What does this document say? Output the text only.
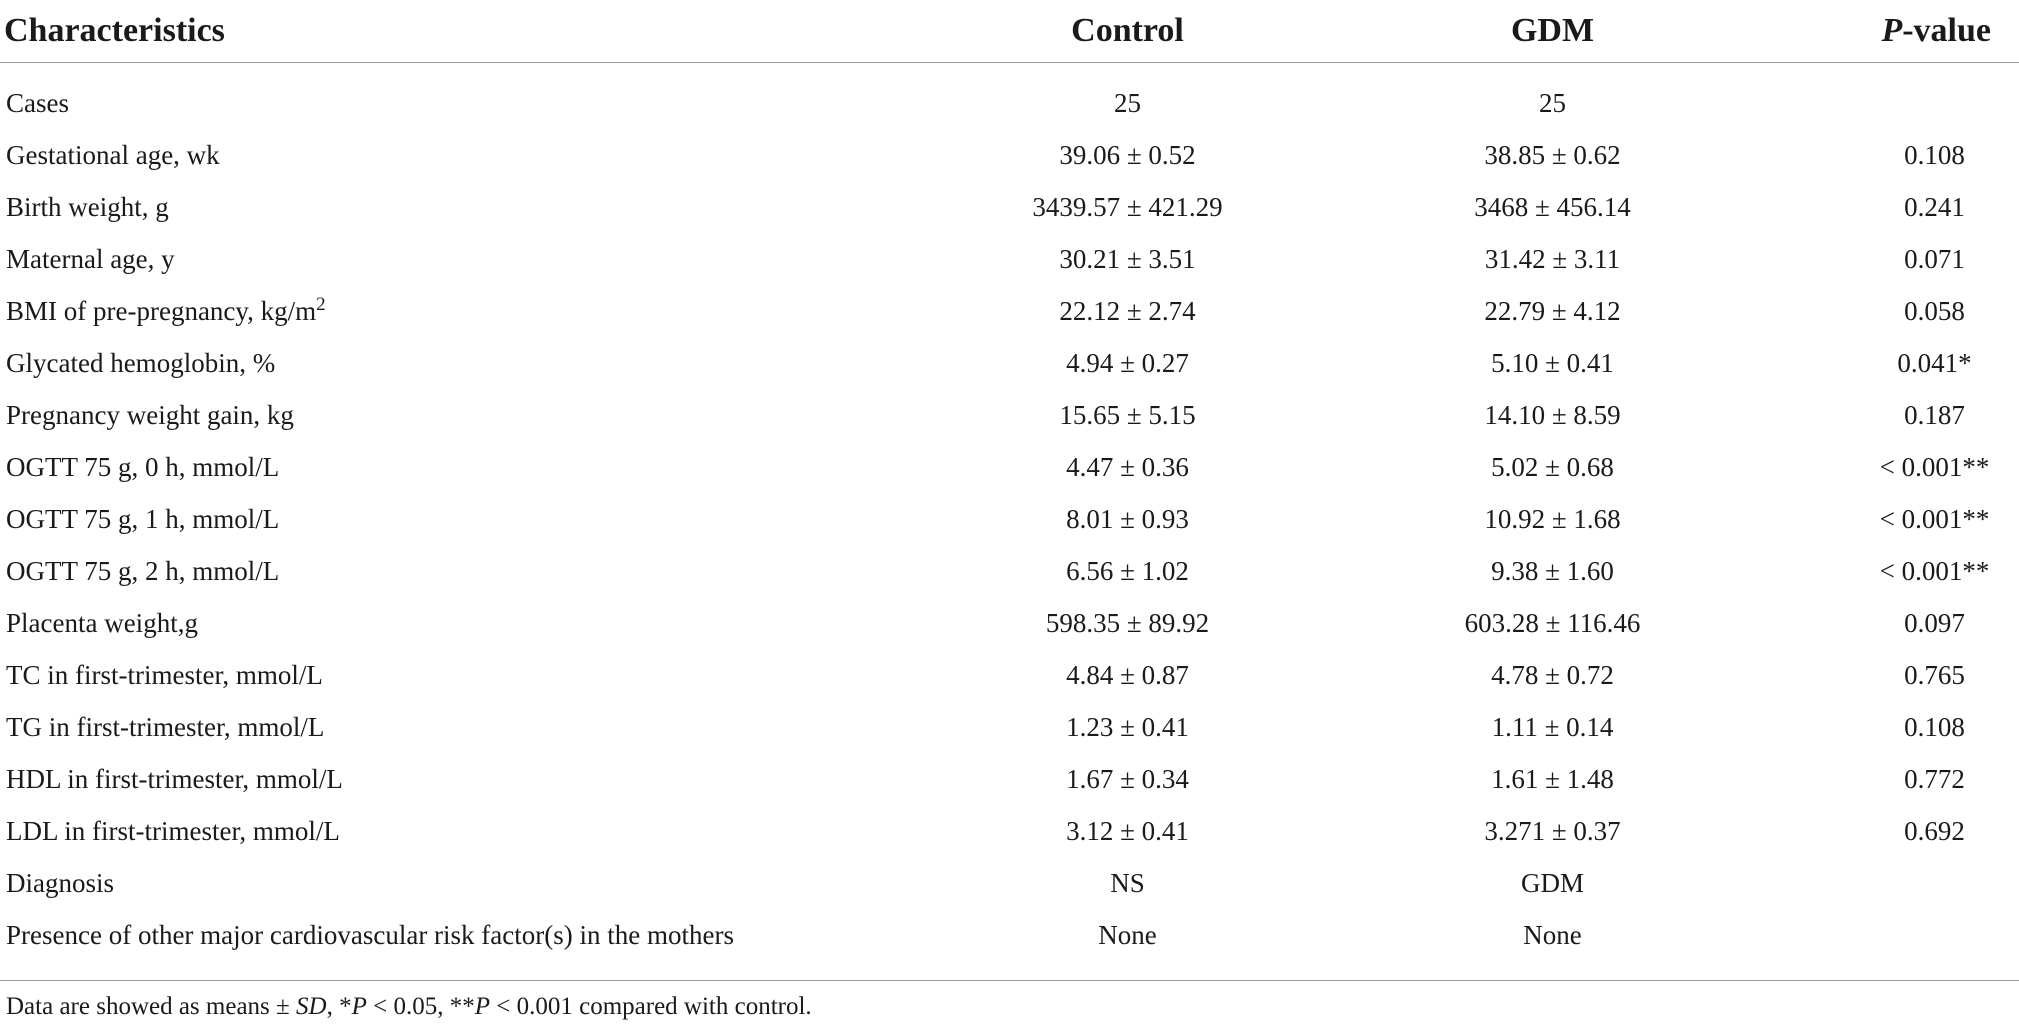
Characteristics	Control	GDM	P-value

Cases	25	25	
Gestational age, wk	39.06 ± 0.52	38.85 ± 0.62	0.108
Birth weight, g	3439.57 ± 421.29	3468 ± 456.14	0.241
Maternal age, y	30.21 ± 3.51	31.42 ± 3.11	0.071
BMI of pre-pregnancy, $kg/m^2$	22.12 ± 2.74	22.79 ± 4.12	0.058
Glycated hemoglobin, %	4.94 ± 0.27	5.10 ± 0.41	0.041*
Pregnancy weight gain, kg	15.65 ± 5.15	14.10 ± 8.59	0.187
OGTT 75 g, 0 h, mmol/L	4.47 ± 0.36	5.02 ± 0.68	< 0.001**
OGTT 75 g, 1 h, mmol/L	8.01 ± 0.93	10.92 ± 1.68	< 0.001**
OGTT 75 g, 2 h, mmol/L	6.56 ± 1.02	9.38 ± 1.60	< 0.001**
Placenta weight,g	598.35 ± 89.92	603.28 ± 116.46	0.097
TC in first-trimester, mmol/L	4.84 ± 0.87	4.78 ± 0.72	0.765
TG in first-trimester, mmol/L	1.23 ± 0.41	1.11 ± 0.14	0.108
HDL in first-trimester, mmol/L	1.67 ± 0.34	1.61 ± 1.48	0.772
LDL in first-trimester, mmol/L	3.12 ± 0.41	3.271 ± 0.37	0.692
Diagnosis	NS	GDM	
Presence of other major cardiovascular risk factor(s) in the mothers	None	None	
Data are showed as means ± SD, *P < 0.05, **P < 0.001 compared with control.
